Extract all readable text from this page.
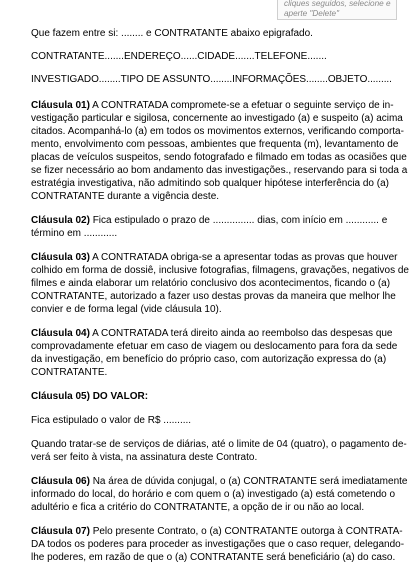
cliques seguidos, selecione e
aperte "Delete"

Que fazem entre si: ........ e CONTRATANTE abaixo epigrafado.

CONTRATANTE.......ENDEREÇO......CIDADE.......TELEFONE.......

INVESTIGADO........TIPO DE ASSUNTO........INFORMAÇÕES........OBJETO.........

Cláusula 01) A CONTRATADA compromete-se a efetuar o seguinte serviço de in-
vestigação particular e sigilosa, concernente ao investigado (a) e suspeito (a) acima
citados. Acompanhá-lo (a) em todos os movimentos externos, verificando comporta-
mento, envolvimento com pessoas, ambientes que frequenta (m), levantamento de
placas de veículos suspeitos, sendo fotografado e filmado em todas as ocasiões que
se fizer necessário ao bom andamento das investigações., reservando para si toda a
estratégia investigativa, não admitindo sob qualquer hipótese interferência do (a)
CONTRATANTE durante a vigência deste.

Cláusula 02) Fica estipulado o prazo de ............... dias, com início em ............ e
término em ............

Cláusula 03) A CONTRATADA obriga-se a apresentar todas as provas que houver
colhido em forma de dossiê, inclusive fotografias, filmagens, gravações, negativos de
filmes e ainda elaborar um relatório conclusivo dos acontecimentos, ficando o (a)
CONTRATANTE, autorizado a fazer uso destas provas da maneira que melhor lhe
convier e de forma legal (vide cláusula 10).

Cláusula 04) A CONTRATADA terá direito ainda ao reembolso das despesas que
comprovadamente efetuar em caso de viagem ou deslocamento para fora da sede
da investigação, em benefício do próprio caso, com autorização expressa do (a)
CONTRATANTE.

Cláusula 05) DO VALOR:

Fica estipulado o valor de R$ ..........

Quando tratar-se de serviços de diárias, até o limite de 04 (quatro), o pagamento de-
verá ser feito à vista, na assinatura deste Contrato.

Cláusula 06) Na área de dúvida conjugal, o (a) CONTRATANTE será imediatamente
informado do local, do horário e com quem o (a) investigado (a) está cometendo o
adultério e fica a critério do CONTRATANTE, a opção de ir ou não ao local.

Cláusula 07) Pelo presente Contrato, o (a) CONTRATANTE outorga à CONTRATA-
DA todos os poderes para proceder as investigações que o caso requer, delegando-
lhe poderes, em razão de que o (a) CONTRATANTE será beneficiário (a) do caso.
